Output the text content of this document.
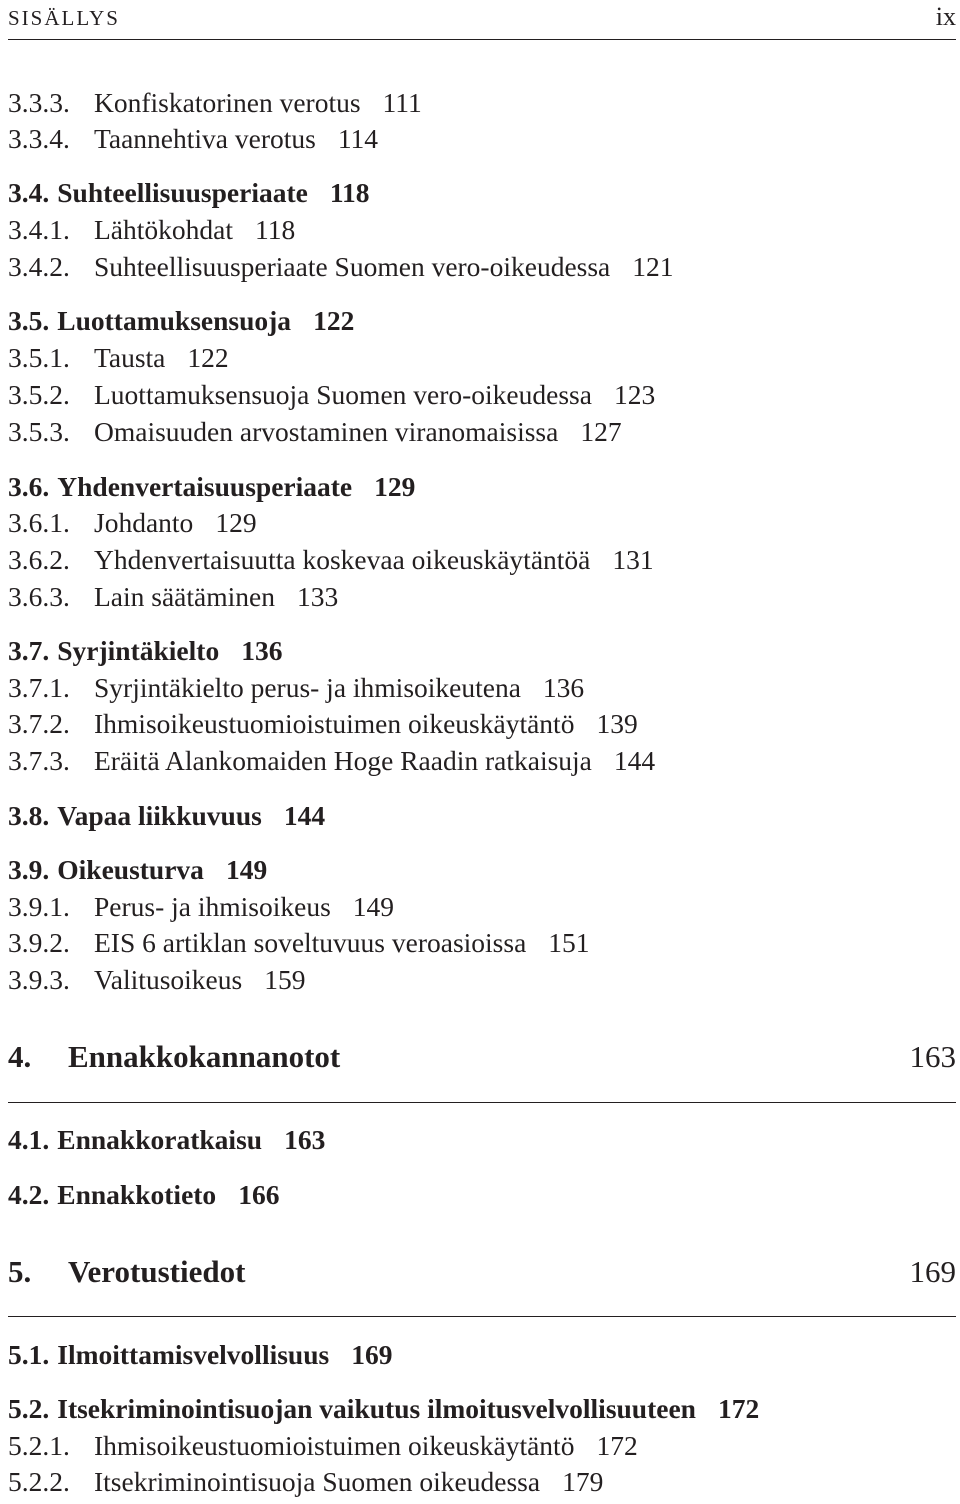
SISÄLLYS	ix
3.3.3. Konfiskatorinen verotus 111
3.3.4. Taannehtiva verotus 114
3.4. Suhteellisuusperiaate 118
3.4.1. Lähtökohdat 118
3.4.2. Suhteellisuusperiaate Suomen vero-oikeudessa 121
3.5. Luottamuksensuoja 122
3.5.1. Tausta 122
3.5.2. Luottamuksensuoja Suomen vero-oikeudessa 123
3.5.3. Omaisuuden arvostaminen viranomaisissa 127
3.6. Yhdenvertaisuusperiaate 129
3.6.1. Johdanto 129
3.6.2. Yhdenvertaisuutta koskevaa oikeuskäytäntöä 131
3.6.3. Lain säätäminen 133
3.7. Syrjintäkielto 136
3.7.1. Syrjintäkielto perus- ja ihmisoikeutena 136
3.7.2. Ihmisoikeustuomioistuimen oikeuskäytäntö 139
3.7.3. Eräitä Alankomaiden Hoge Raadin ratkaisuja 144
3.8. Vapaa liikkuvuus 144
3.9. Oikeusturva 149
3.9.1. Perus- ja ihmisoikeus 149
3.9.2. EIS 6 artiklan soveltuvuus veroasioissa 151
3.9.3. Valitusoikeus 159
4. Ennakkokannanotot	163
4.1. Ennakkoratkaisu 163
4.2. Ennakkotieto 166
5. Verotustiedot	169
5.1. Ilmoittamisvelvollisuus 169
5.2. Itsekriminointisuojan vaikutus ilmoitusvelvollisuuteen 172
5.2.1. Ihmisoikeustuomioistuimen oikeuskäytäntö 172
5.2.2. Itsekriminointisuoja Suomen oikeudessa 179
